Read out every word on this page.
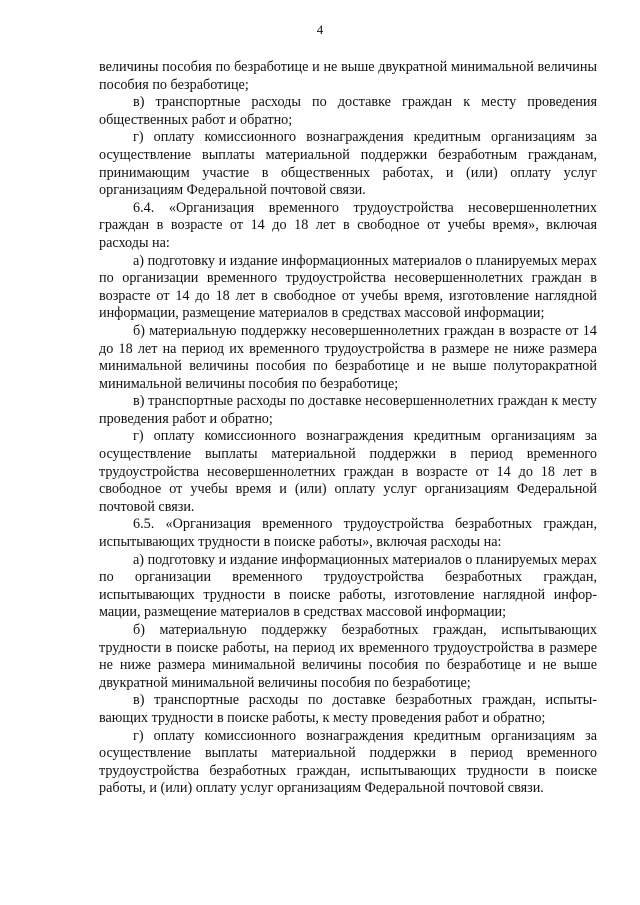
4

величины пособия по безработице и не выше двукратной минимальной величины пособия по безработице;

в) транспортные расходы по доставке граждан к месту проведения общественных работ и обратно;

г) оплату комиссионного вознаграждения кредитным организациям за осуществление выплаты материальной поддержки безработным гражданам, принимающим участие в общественных работах, и (или) оплату услуг организациям Федеральной почтовой связи.

6.4. «Организация временного трудоустройства несовершеннолетних граждан в возрасте от 14 до 18 лет в свободное от учебы время», включая расходы на:

а) подготовку и издание информационных материалов о планируемых мерах по организации временного трудоустройства несовершеннолетних граждан в возрасте от 14 до 18 лет в свободное от учебы время, изготовление наглядной информации, размещение материалов в средствах массовой информации;

б) материальную поддержку несовершеннолетних граждан в возрасте от 14 до 18 лет на период их временного трудоустройства в размере не ниже размера минимальной величины пособия по безработице и не выше полуторакратной минимальной величины пособия по безработице;

в) транспортные расходы по доставке несовершеннолетних граждан к месту проведения работ и обратно;

г) оплату комиссионного вознаграждения кредитным организациям за осуществление выплаты материальной поддержки в период временного трудоустройства несовершеннолетних граждан в возрасте от 14 до 18 лет в свободное от учебы время и (или) оплату услуг организациям Федеральной почтовой связи.

6.5. «Организация временного трудоустройства безработных граждан, испытывающих трудности в поиске работы», включая расходы на:

а) подготовку и издание информационных материалов о планируемых мерах по организации временного трудоустройства безработных граждан, испытывающих трудности в поиске работы, изготовление наглядной информации, размещение материалов в средствах массовой информации;

б) материальную поддержку безработных граждан, испытывающих трудности в поиске работы, на период их временного трудоустройства в размере не ниже размера минимальной величины пособия по безработице и не выше двукратной минимальной величины пособия по безработице;

в) транспортные расходы по доставке безработных граждан, испытывающих трудности в поиске работы, к месту проведения работ и обратно;

г) оплату комиссионного вознаграждения кредитным организациям за осуществление выплаты материальной поддержки в период временного трудоустройства безработных граждан, испытывающих трудности в поиске работы, и (или) оплату услуг организациям Федеральной почтовой связи.
